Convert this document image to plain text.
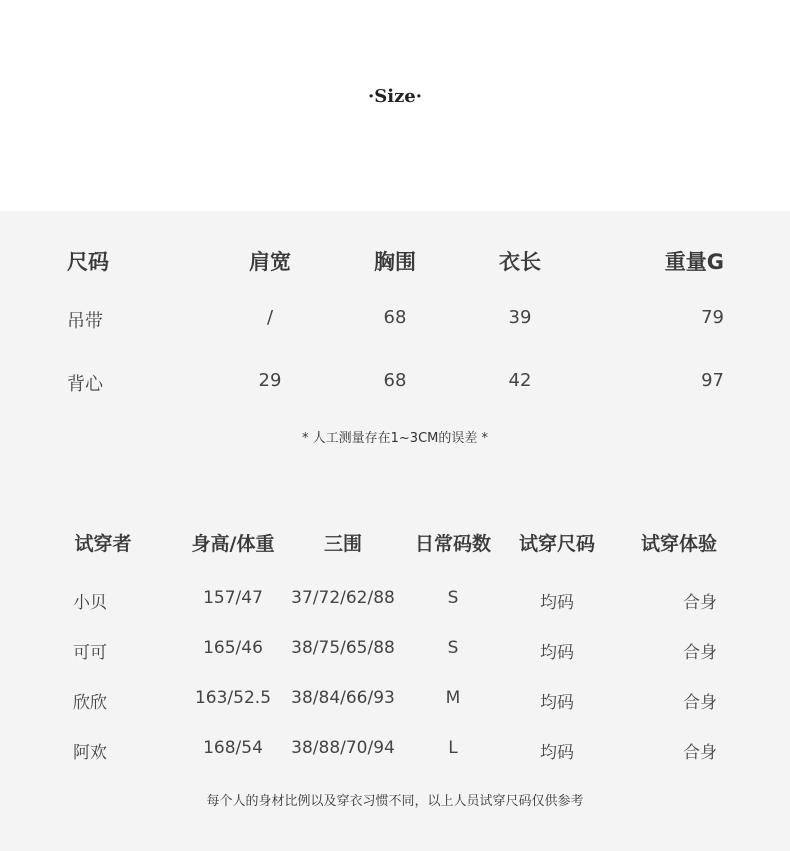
·Size·
尺码	肩宽	胸围	衣长	重量G
吊带	/	68	39	79
背心	29	68	42	97
* 人工测量存在1~3CM的误差 *
试穿者	身高/体重	三围	日常码数 试穿尺码 试穿体验
小贝	157/47 37/72/62/88	S	均码	合身
可可	165/46 38/75/65/88	S	均码	合身
欣欣	163/52.5 38/84/66/93	M	均码	合身
阿欢	168/54 38/88/70/94	L	均码	合身
每个人的身材比例以及穿衣习惯不同，以上人员试穿尺码仅供参考
